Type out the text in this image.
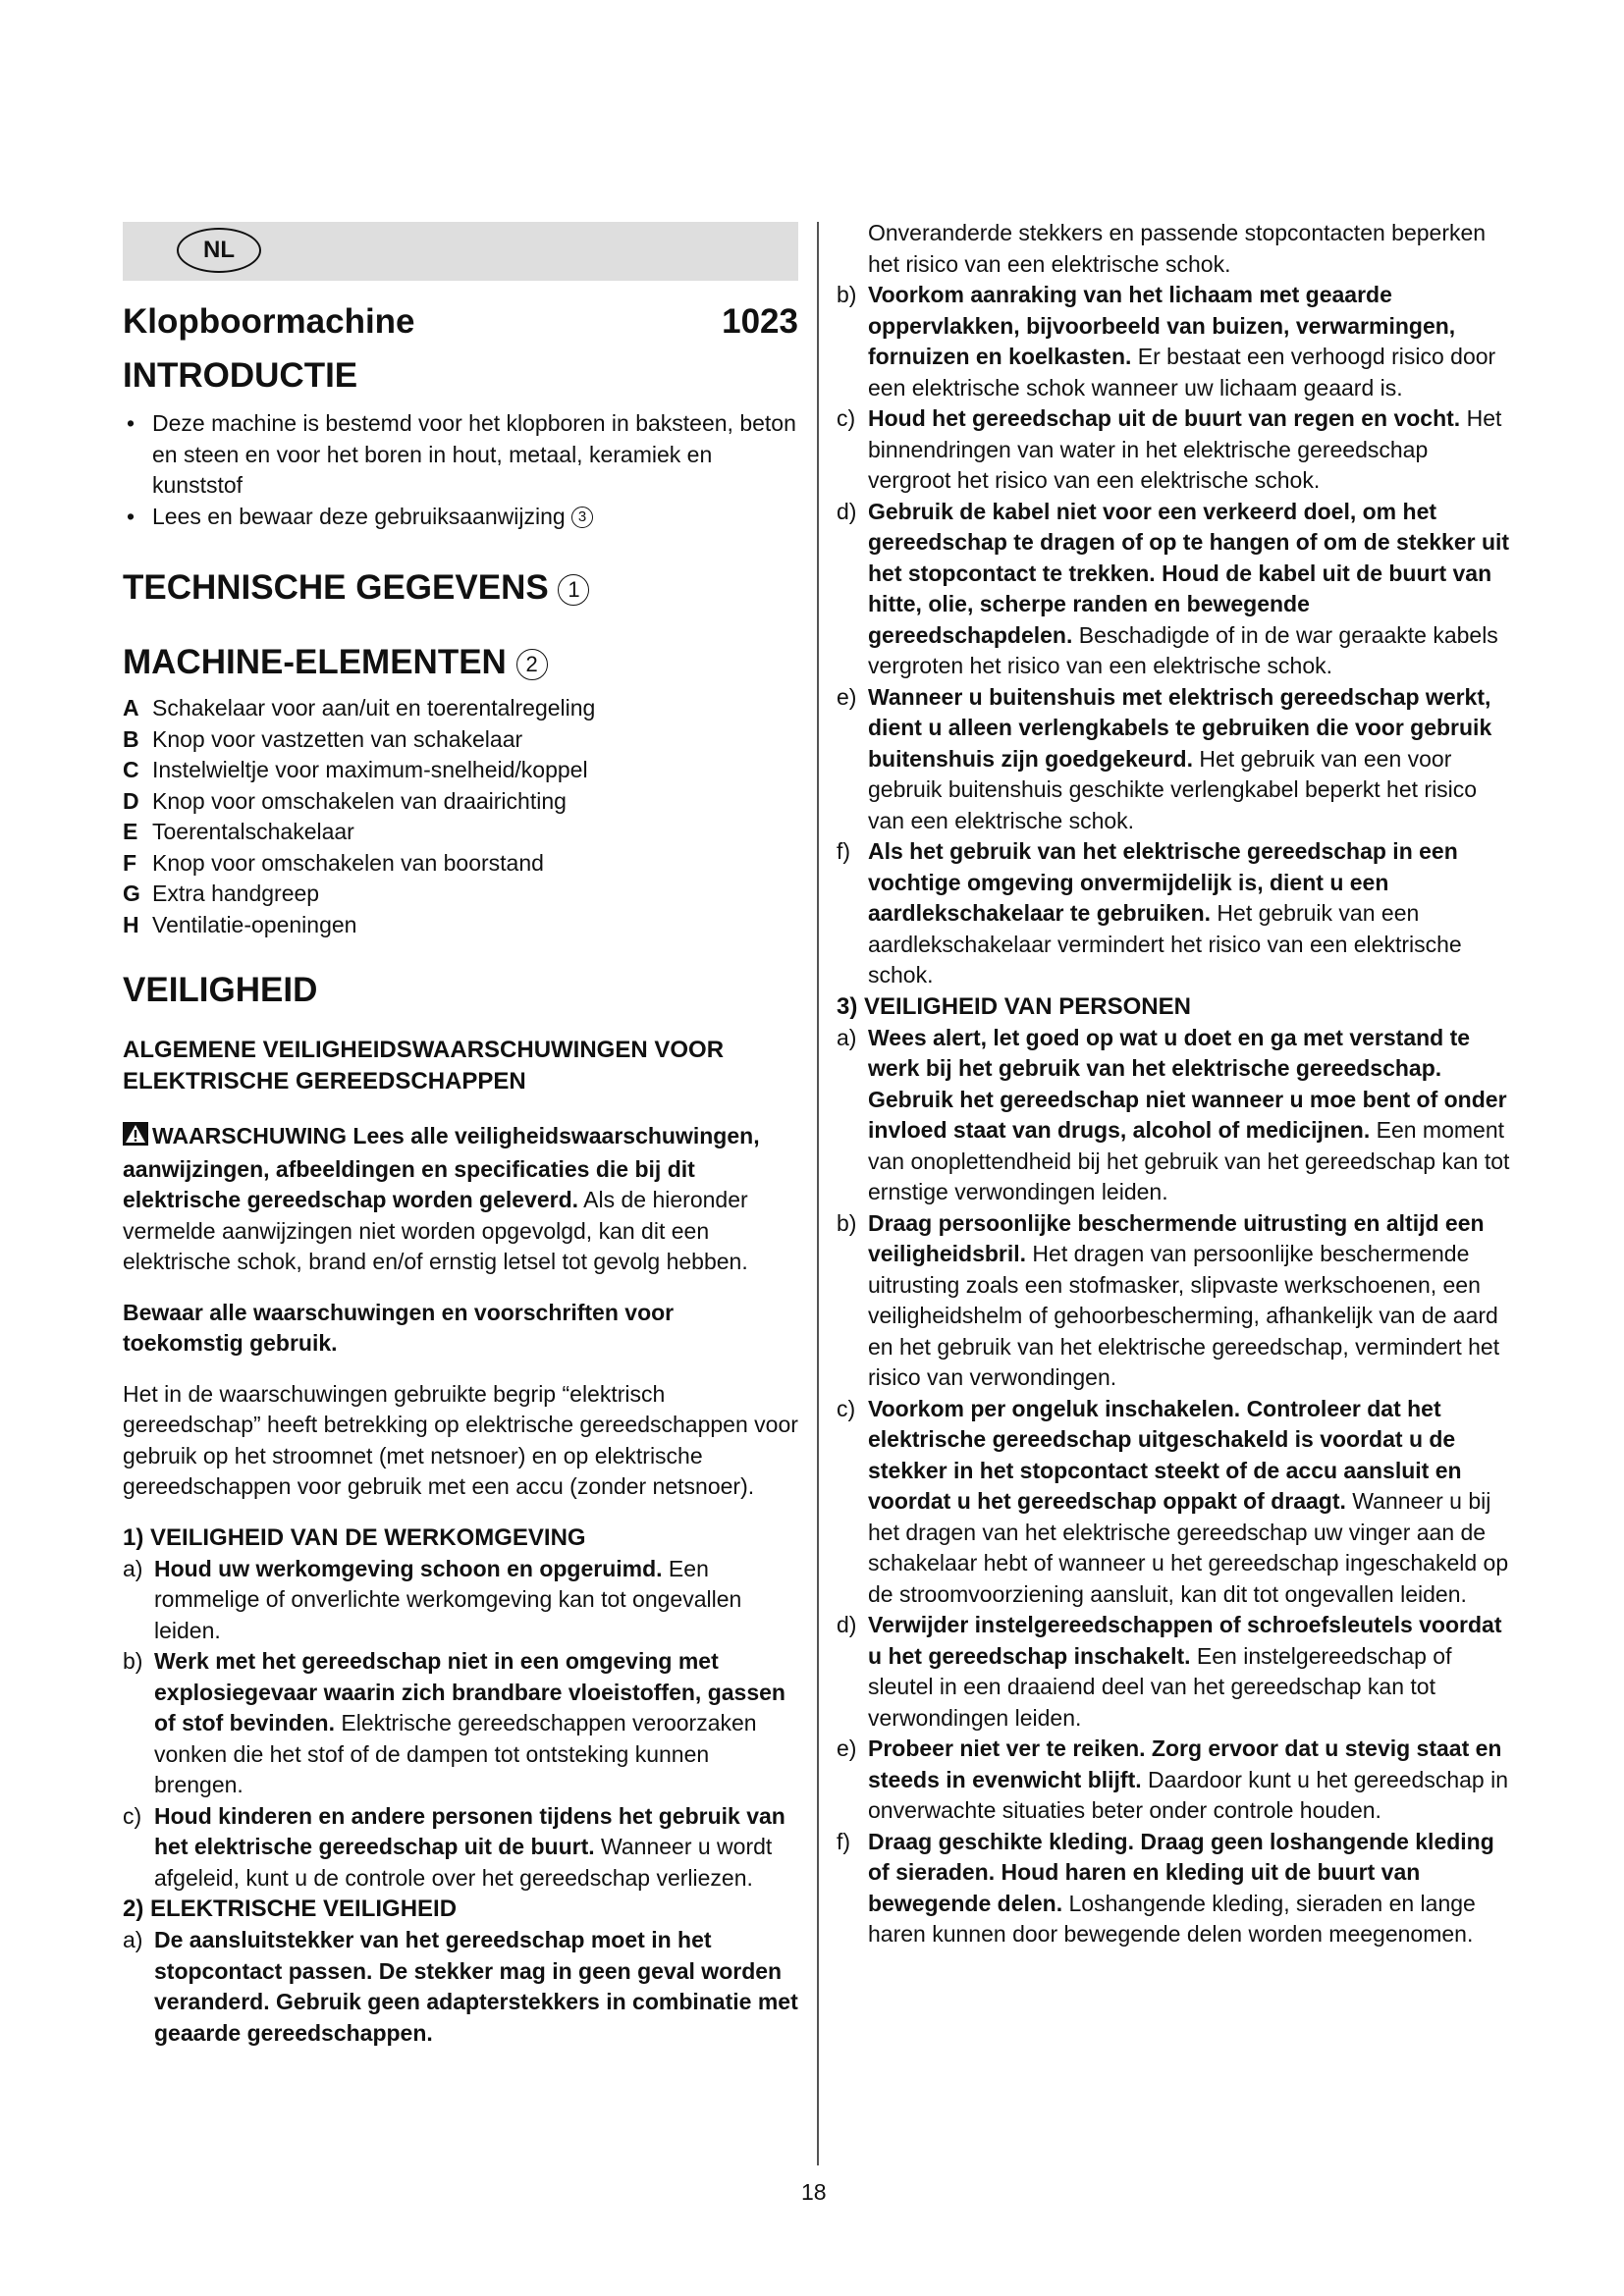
NL
Klopboormachine	1023
INTRODUCTIE
• Deze machine is bestemd voor het klopboren in baksteen, beton en steen en voor het boren in hout, metaal, keramiek en kunststof
• Lees en bewaar deze gebruiksaanwijzing 3
TECHNISCHE GEGEVENS 1
MACHINE-ELEMENTEN 2
A Schakelaar voor aan/uit en toerentalregeling
B Knop voor vastzetten van schakelaar
C Instelwieltje voor maximum-snelheid/koppel
D Knop voor omschakelen van draairichting
E Toerentalschakelaar
F Knop voor omschakelen van boorstand
G Extra handgreep
H Ventilatie-openingen
VEILIGHEID
ALGEMENE VEILIGHEIDSWAARSCHUWINGEN VOOR ELEKTRISCHE GEREEDSCHAPPEN
WAARSCHUWING Lees alle veiligheidswaarschuwingen, aanwijzingen, afbeeldingen en specificaties die bij dit elektrische gereedschap worden geleverd. Als de hieronder vermelde aanwijzingen niet worden opgevolgd, kan dit een elektrische schok, brand en/of ernstig letsel tot gevolg hebben.
Bewaar alle waarschuwingen en voorschriften voor toekomstig gebruik.
Het in de waarschuwingen gebruikte begrip “elektrisch gereedschap” heeft betrekking op elektrische gereedschappen voor gebruik op het stroomnet (met netsnoer) en op elektrische gereedschappen voor gebruik met een accu (zonder netsnoer).
1) VEILIGHEID VAN DE WERKOMGEVING
a) Houd uw werkomgeving schoon en opgeruimd. Een rommelige of onverlichte werkomgeving kan tot ongevallen leiden.
b) Werk met het gereedschap niet in een omgeving met explosiegevaar waarin zich brandbare vloeistoffen, gassen of stof bevinden. Elektrische gereedschappen veroorzaken vonken die het stof of de dampen tot ontsteking kunnen brengen.
c) Houd kinderen en andere personen tijdens het gebruik van het elektrische gereedschap uit de buurt. Wanneer u wordt afgeleid, kunt u de controle over het gereedschap verliezen.
2) ELEKTRISCHE VEILIGHEID
a) De aansluitstekker van het gereedschap moet in het stopcontact passen. De stekker mag in geen geval worden veranderd. Gebruik geen adapterstekkers in combinatie met geaarde gereedschappen.
Onveranderde stekkers en passende stopcontacten beperken het risico van een elektrische schok.
b) Voorkom aanraking van het lichaam met geaarde oppervlakken, bijvoorbeeld van buizen, verwarmingen, fornuizen en koelkasten. Er bestaat een verhoogd risico door een elektrische schok wanneer uw lichaam geaard is.
c) Houd het gereedschap uit de buurt van regen en vocht. Het binnendringen van water in het elektrische gereedschap vergroot het risico van een elektrische schok.
d) Gebruik de kabel niet voor een verkeerd doel, om het gereedschap te dragen of op te hangen of om de stekker uit het stopcontact te trekken. Houd de kabel uit de buurt van hitte, olie, scherpe randen en bewegende gereedschapdelen. Beschadigde of in de war geraakte kabels vergroten het risico van een elektrische schok.
e) Wanneer u buitenshuis met elektrisch gereedschap werkt, dient u alleen verlengkabels te gebruiken die voor gebruik buitenshuis zijn goedgekeurd. Het gebruik van een voor gebruik buitenshuis geschikte verlengkabel beperkt het risico van een elektrische schok.
f) Als het gebruik van het elektrische gereedschap in een vochtige omgeving onvermijdelijk is, dient u een aardlekschakelaar te gebruiken. Het gebruik van een aardlekschakelaar vermindert het risico van een elektrische schok.
3) VEILIGHEID VAN PERSONEN
a) Wees alert, let goed op wat u doet en ga met verstand te werk bij het gebruik van het elektrische gereedschap. Gebruik het gereedschap niet wanneer u moe bent of onder invloed staat van drugs, alcohol of medicijnen. Een moment van onoplettendheid bij het gebruik van het gereedschap kan tot ernstige verwondingen leiden.
b) Draag persoonlijke beschermende uitrusting en altijd een veiligheidsbril. Het dragen van persoonlijke beschermende uitrusting zoals een stofmasker, slipvaste werkschoenen, een veiligheidshelm of gehoorbescherming, afhankelijk van de aard en het gebruik van het elektrische gereedschap, vermindert het risico van verwondingen.
c) Voorkom per ongeluk inschakelen. Controleer dat het elektrische gereedschap uitgeschakeld is voordat u de stekker in het stopcontact steekt of de accu aansluit en voordat u het gereedschap oppakt of draagt. Wanneer u bij het dragen van het elektrische gereedschap uw vinger aan de schakelaar hebt of wanneer u het gereedschap ingeschakeld op de stroomvoorziening aansluit, kan dit tot ongevallen leiden.
d) Verwijder instelgereedschappen of schroefsleutels voordat u het gereedschap inschakelt. Een instelgereedschap of sleutel in een draaiend deel van het gereedschap kan tot verwondingen leiden.
e) Probeer niet ver te reiken. Zorg ervoor dat u stevig staat en steeds in evenwicht blijft. Daardoor kunt u het gereedschap in onverwachte situaties beter onder controle houden.
f) Draag geschikte kleding. Draag geen loshangende kleding of sieraden. Houd haren en kleding uit de buurt van bewegende delen. Loshangende kleding, sieraden en lange haren kunnen door bewegende delen worden meegenomen.
18
